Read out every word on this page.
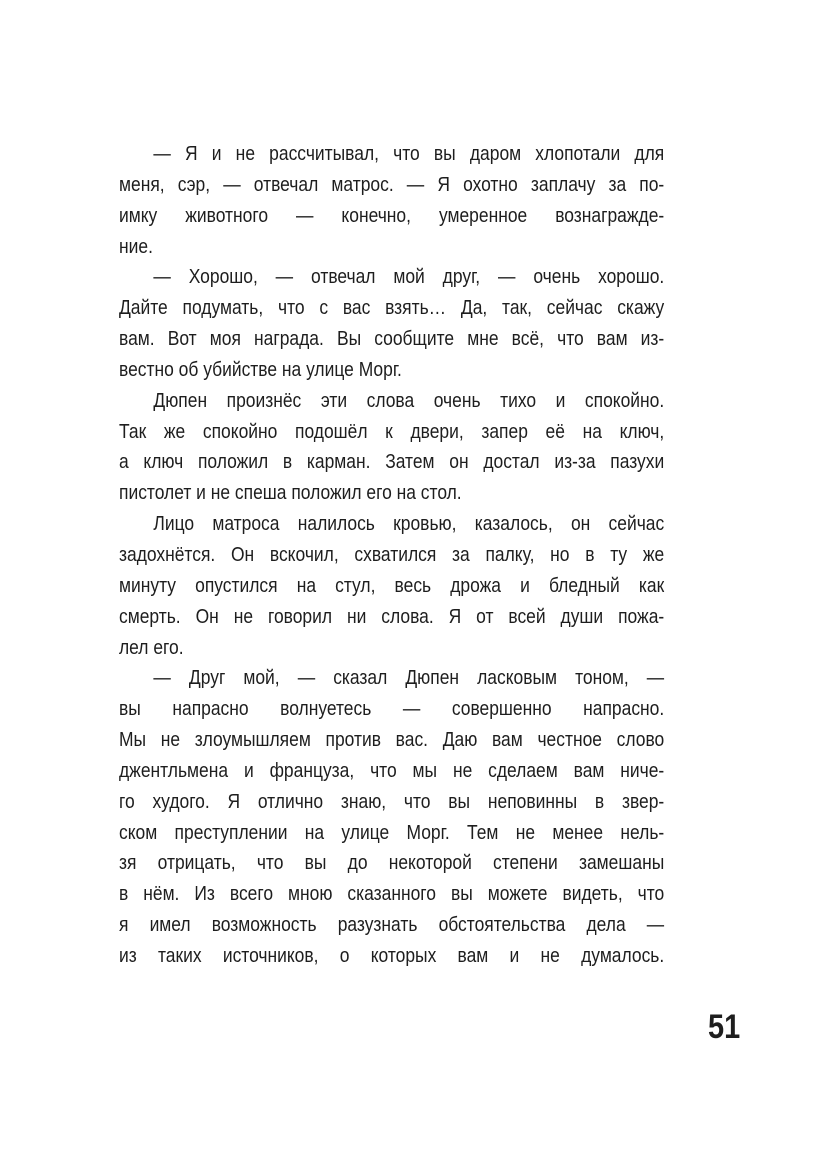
— Я и не рассчитывал, что вы даром хлопотали для
меня, сэр, — отвечал матрос. — Я охотно заплачу за по-
имку животного — конечно, умеренное вознагражде-
ние.
— Хорошо, — отвечал мой друг, — очень хорошо.
Дайте подумать, что с вас взять… Да, так, сейчас скажу
вам. Вот моя награда. Вы сообщите мне всё, что вам из-
вестно об убийстве на улице Морг.
Дюпен произнёс эти слова очень тихо и спокойно.
Так же спокойно подошёл к двери, запер её на ключ,
а ключ положил в карман. Затем он достал из-за пазухи
пистолет и не спеша положил его на стол.
Лицо матроса налилось кровью, казалось, он сейчас
задохнётся. Он вскочил, схватился за палку, но в ту же
минуту опустился на стул, весь дрожа и бледный как
смерть. Он не говорил ни слова. Я от всей души пожа-
лел его.
— Друг мой, — сказал Дюпен ласковым тоном, —
вы напрасно волнуетесь — совершенно напрасно.
Мы не злоумышляем против вас. Даю вам честное слово
джентльмена и француза, что мы не сделаем вам ниче-
го худого. Я отлично знаю, что вы неповинны в звер-
ском преступлении на улице Морг. Тем не менее нель-
зя отрицать, что вы до некоторой степени замешаны
в нём. Из всего мною сказанного вы можете видеть, что
я имел возможность разузнать обстоятельства дела —
из таких источников, о которых вам и не думалось.
51
